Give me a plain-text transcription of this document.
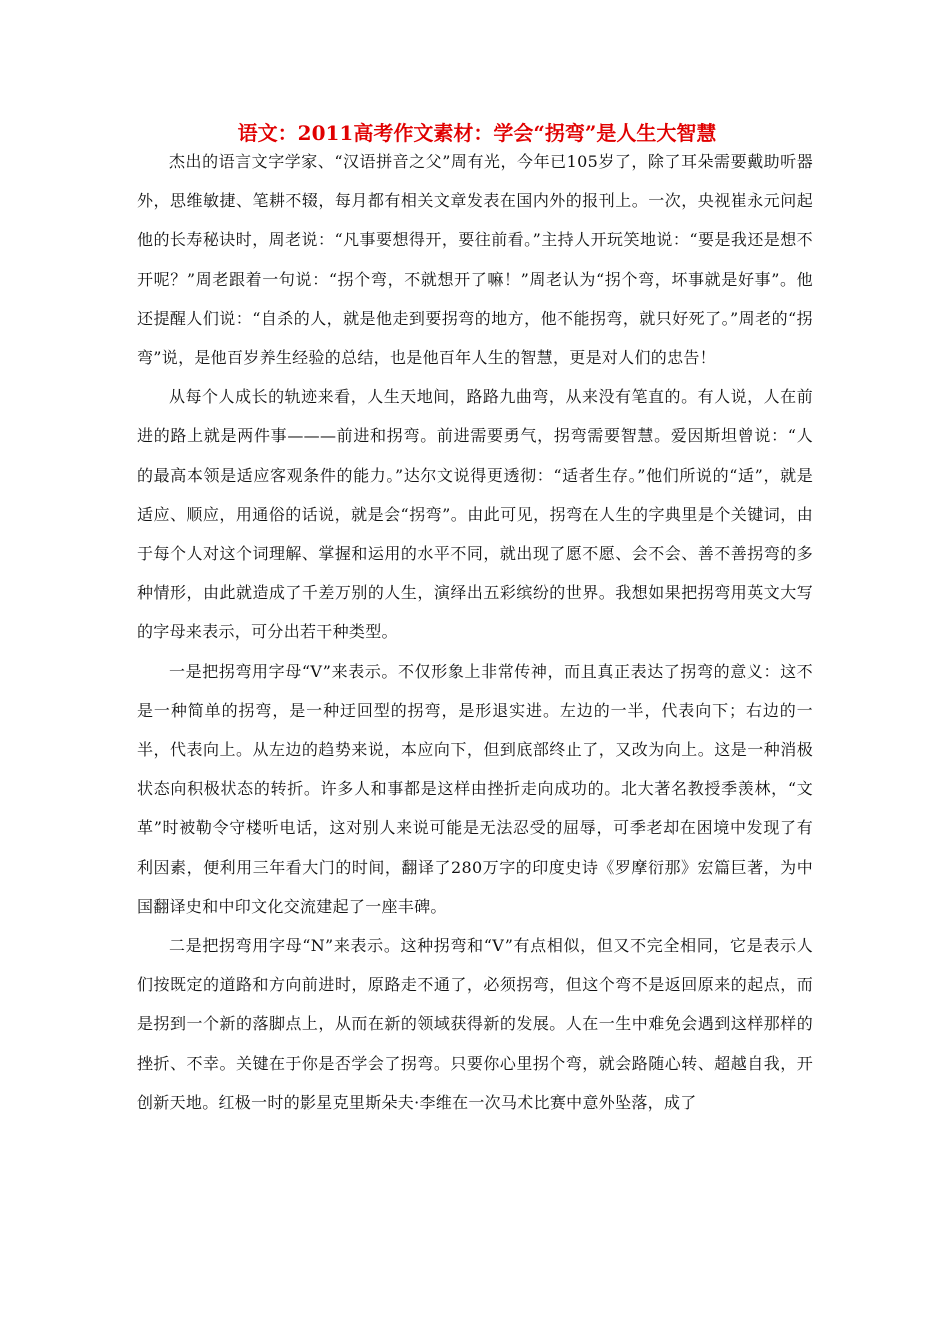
语文：2011高考作文素材：学会“拐弯”是人生大智慧

杰出的语言文字学家、“汉语拼音之父”周有光，今年已105岁了，除了耳朵需要戴助听器外，思维敏捷、笔耕不辍，每月都有相关文章发表在国内外的报刊上。一次，央视崔永元问起他的长寿秘诀时，周老说：“凡事要想得开，要往前看。”主持人开玩笑地说：“要是我还是想不开呢？”周老跟着一句说：“拐个弯，不就想开了嘛！”周老认为“拐个弯，坏事就是好事”。他还提醒人们说：“自杀的人，就是他走到要拐弯的地方，他不能拐弯，就只好死了。”周老的“拐弯”说，是他百岁养生经验的总结，也是他百年人生的智慧，更是对人们的忠告！

从每个人成长的轨迹来看，人生天地间，路路九曲弯，从来没有笔直的。有人说，人在前进的路上就是两件事———前进和拐弯。前进需要勇气，拐弯需要智慧。爱因斯坦曾说：“人的最高本领是适应客观条件的能力。”达尔文说得更透彻：“适者生存。”他们所说的“适”，就是适应、顺应，用通俗的话说，就是会“拐弯”。由此可见，拐弯在人生的字典里是个关键词，由于每个人对这个词理解、掌握和运用的水平不同，就出现了愿不愿、会不会、善不善拐弯的多种情形，由此就造成了千差万别的人生，演绎出五彩缤纷的世界。我想如果把拐弯用英文大写的字母来表示，可分出若干种类型。

一是把拐弯用字母“V”来表示。不仅形象上非常传神，而且真正表达了拐弯的意义：这不是一种简单的拐弯，是一种迂回型的拐弯，是形退实进。左边的一半，代表向下；右边的一半，代表向上。从左边的趋势来说，本应向下，但到底部终止了，又改为向上。这是一种消极状态向积极状态的转折。许多人和事都是这样由挫折走向成功的。北大著名教授季羡林，“文革”时被勒令守楼听电话，这对别人来说可能是无法忍受的屈辱，可季老却在困境中发现了有利因素，便利用三年看大门的时间，翻译了280万字的印度史诗《罗摩衍那》宏篇巨著，为中国翻译史和中印文化交流建起了一座丰碑。

二是把拐弯用字母“N”来表示。这种拐弯和“V”有点相似，但又不完全相同，它是表示人们按既定的道路和方向前进时，原路走不通了，必须拐弯，但这个弯不是返回原来的起点，而是拐到一个新的落脚点上，从而在新的领域获得新的发展。人在一生中难免会遇到这样那样的挫折、不幸。关键在于你是否学会了拐弯。只要你心里拐个弯，就会路随心转、超越自我，开创新天地。红极一时的影星克里斯朵夫·李维在一次马术比赛中意外坠落，成了
